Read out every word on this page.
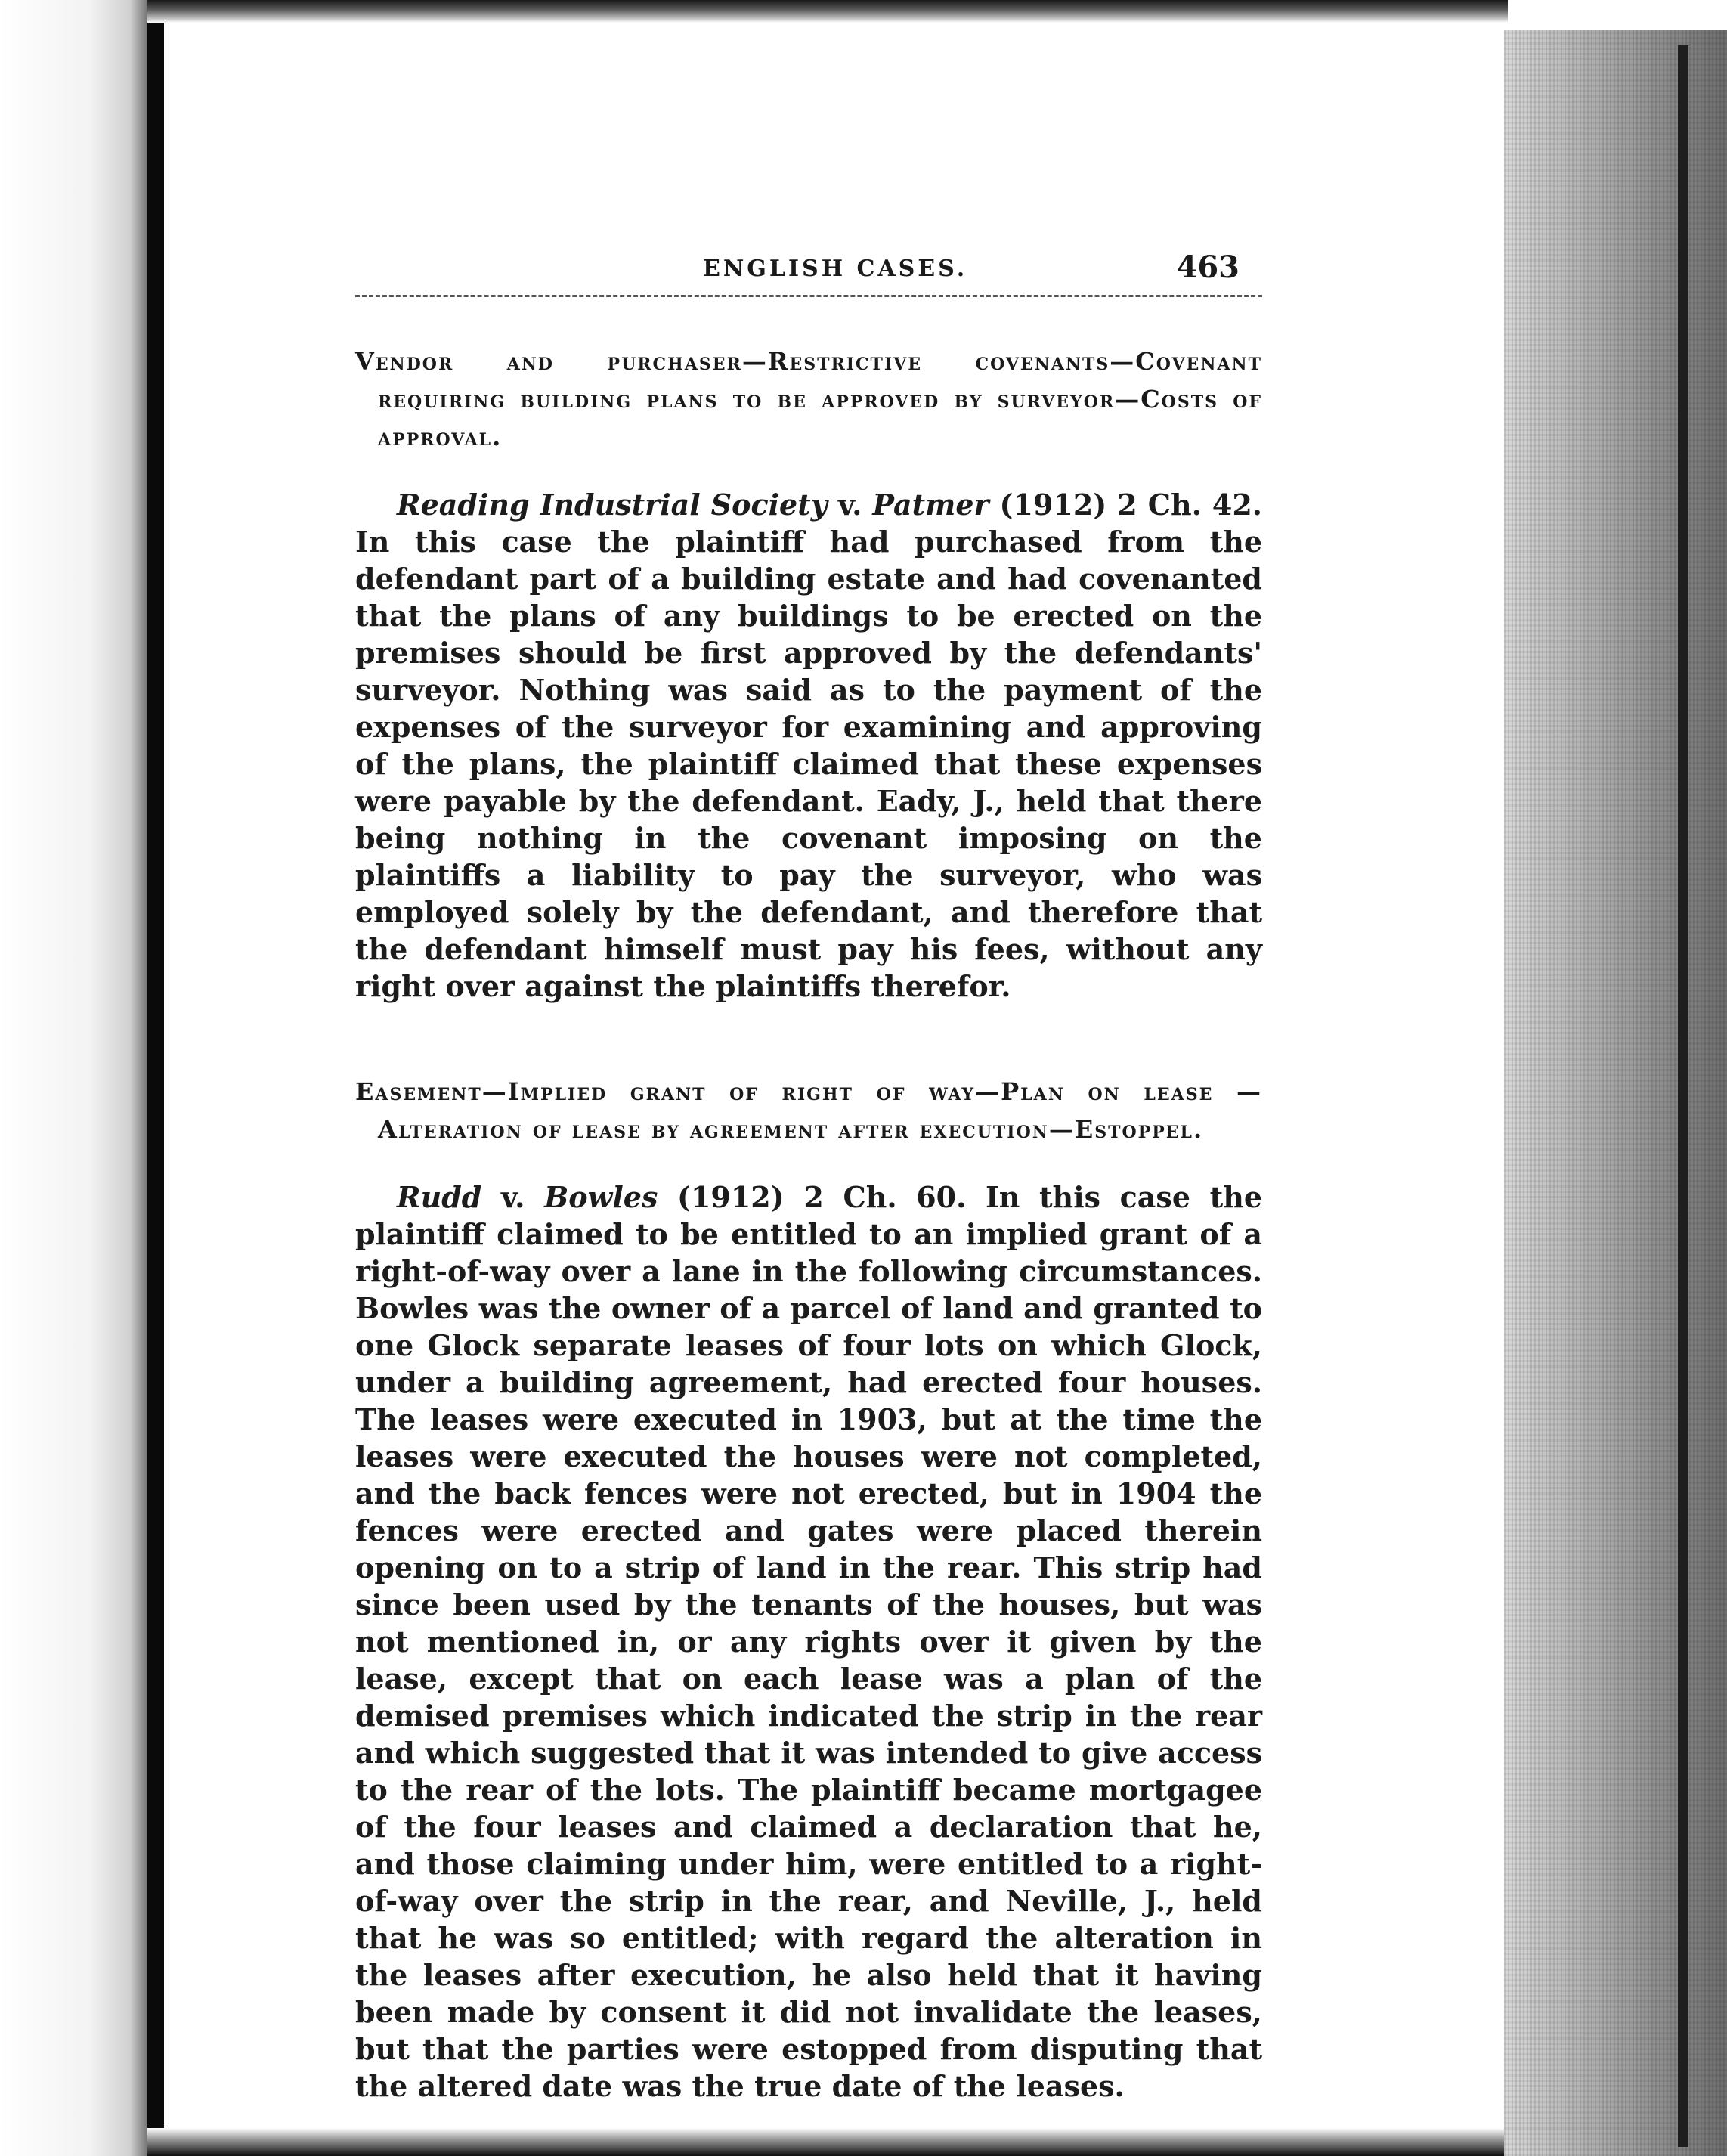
ENGLISH CASES.	463

Vendor and purchaser—Restrictive covenants—Covenant requiring building plans to be approved by surveyor—Costs of approval.

Reading Industrial Society v. Patmer (1912) 2 Ch. 42. In this case the plaintiff had purchased from the defendant part of a building estate and had covenanted that the plans of any buildings to be erected on the premises should be first approved by the defendants' surveyor. Nothing was said as to the payment of the expenses of the surveyor for examining and approving of the plans, the plaintiff claimed that these expenses were payable by the defendant. Eady, J., held that there being nothing in the covenant imposing on the plaintiffs a liability to pay the surveyor, who was employed solely by the defendant, and therefore that the defendant himself must pay his fees, without any right over against the plaintiffs therefor.

Easement—Implied grant of right of way—Plan on lease —Alteration of lease by agreement after execution—Estoppel.

Rudd v. Bowles (1912) 2 Ch. 60. In this case the plaintiff claimed to be entitled to an implied grant of a right-of-way over a lane in the following circumstances. Bowles was the owner of a parcel of land and granted to one Glock separate leases of four lots on which Glock, under a building agreement, had erected four houses. The leases were executed in 1903, but at the time the leases were executed the houses were not completed, and the back fences were not erected, but in 1904 the fences were erected and gates were placed therein opening on to a strip of land in the rear. This strip had since been used by the tenants of the houses, but was not mentioned in, or any rights over it given by the lease, except that on each lease was a plan of the demised premises which indicated the strip in the rear and which suggested that it was intended to give access to the rear of the lots. The plaintiff became mortgagee of the four leases and claimed a declaration that he, and those claiming under him, were entitled to a right-of-way over the strip in the rear, and Neville, J., held that he was so entitled; with regard the alteration in the leases after execution, he also held that it having been made by consent it did not invalidate the leases, but that the parties were estopped from disputing that the altered date was the true date of the leases.
